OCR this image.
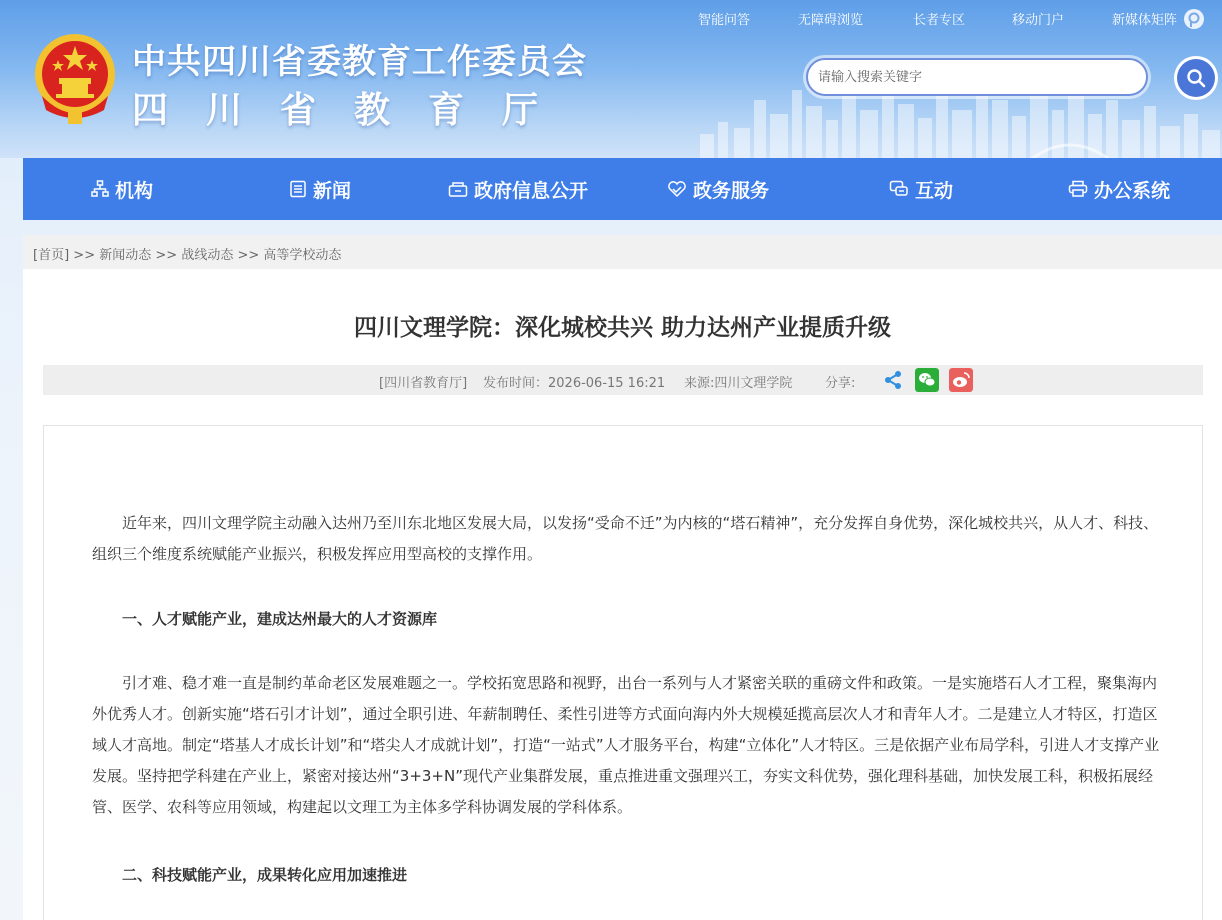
中共四川省委教育工作委员会
四川省教育厅
智能问答	无障碍浏览	长者专区	移动门户	新媒体矩阵
请输入搜索关键字
机构	新闻	政府信息公开	政务服务	互动	办公系统
[首页] >> 新闻动态 >> 战线动态 >> 高等学校动态
四川文理学院：深化城校共兴 助力达州产业提质升级
[四川省教育厅] 发布时间：2026-06-15 16:21 来源:四川文理学院	分享:

近年来，四川文理学院主动融入达州乃至川东北地区发展大局，以发扬“受命不迁”为内核的“塔石精神”，充分发挥自身优势，深化城校共兴，从人才、科技、组织三个维度系统赋能产业振兴，积极发挥应用型高校的支撑作用。

一、人才赋能产业，建成达州最大的人才资源库

引才难、稳才难一直是制约革命老区发展难题之一。学校拓宽思路和视野，出台一系列与人才紧密关联的重磅文件和政策。一是实施塔石人才工程，聚集海内外优秀人才。创新实施“塔石引才计划”，通过全职引进、年薪制聘任、柔性引进等方式面向海内外大规模延揽高层次人才和青年人才。二是建立人才特区，打造区域人才高地。制定“塔基人才成长计划”和“塔尖人才成就计划”，打造“一站式”人才服务平台，构建“立体化”人才特区。三是依据产业布局学科，引进人才支撑产业发展。坚持把学科建在产业上，紧密对接达州“3+3+N”现代产业集群发展，重点推进重文强理兴工，夯实文科优势，强化理科基础，加快发展工科，积极拓展经管、医学、农科等应用领域，构建起以文理工为主体多学科协调发展的学科体系。

二、科技赋能产业，成果转化应用加速推进
